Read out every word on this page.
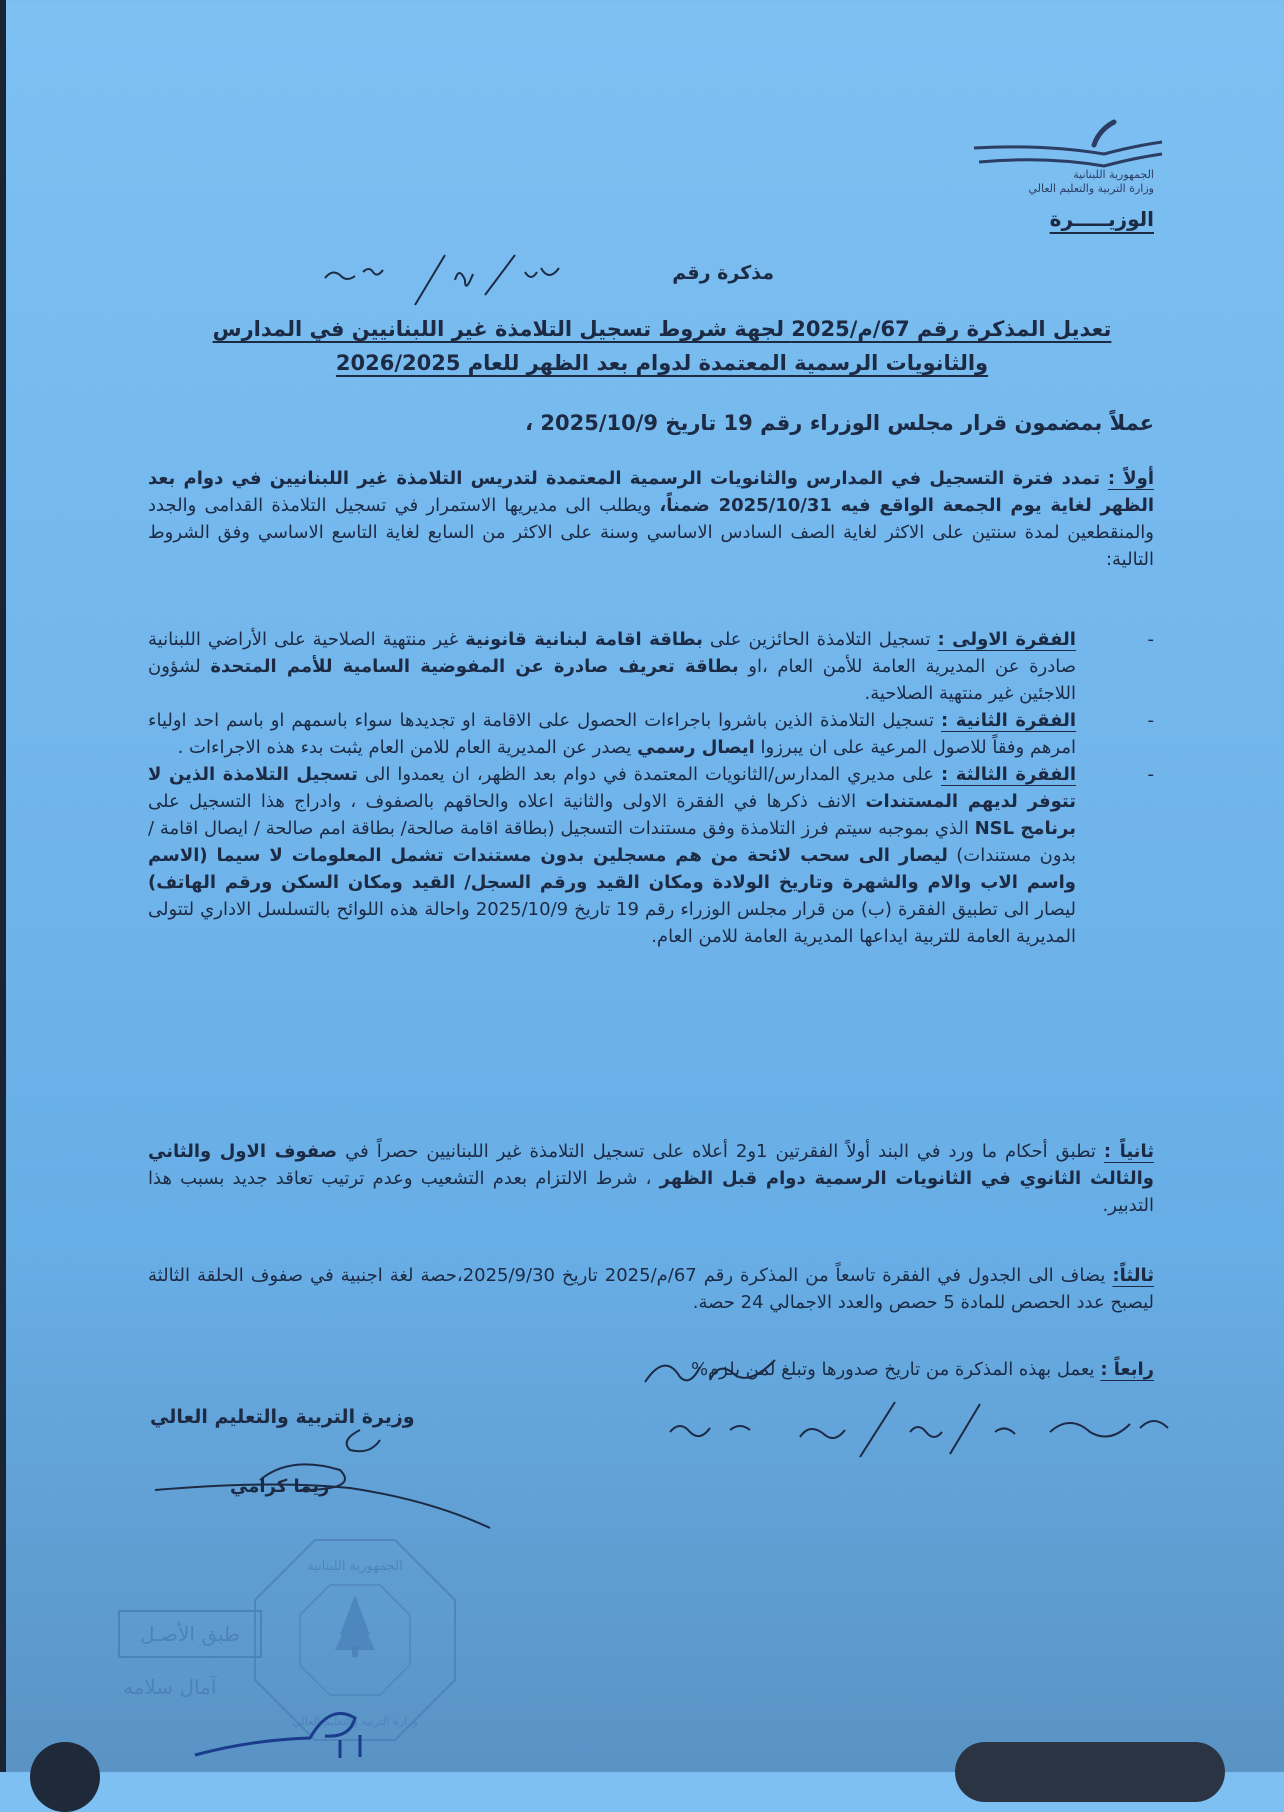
الجمهورية اللبنانية
وزارة التربية والتعليم العالي
الوزيـــــرة
مذكرة رقم
تعديل المذكرة رقم 67/م/2025 لجهة شروط تسجيل التلامذة غير اللبنانيين في المدارس والثانويات الرسمية المعتمدة لدوام بعد الظهر للعام 2026/2025
عملاً بمضمون قرار مجلس الوزراء رقم 19 تاريخ 2025/10/9 ،
أولاً : تمدد فترة التسجيل في المدارس والثانويات الرسمية المعتمدة لتدريس التلامذة غير اللبنانيين في دوام بعد الظهر لغاية يوم الجمعة الواقع فيه 2025/10/31 ضمناً، ويطلب الى مديريها الاستمرار في تسجيل التلامذة القدامى والجدد والمنقطعين لمدة سنتين على الاكثر لغاية الصف السادس الاساسي وسنة على الاكثر من السابع لغاية التاسع الاساسي وفق الشروط التالية:
-
الفقرة الاولى : تسجيل التلامذة الحائزين على بطاقة اقامة لبنانية قانونية غير منتهية الصلاحية على الأراضي اللبنانية صادرة عن المديرية العامة للأمن العام ،او بطاقة تعريف صادرة عن المفوضية السامية للأمم المتحدة لشؤون اللاجئين غير منتهية الصلاحية.
-
الفقرة الثانية : تسجيل التلامذة الذين باشروا باجراءات الحصول على الاقامة او تجديدها سواء باسمهم او باسم احد اولياء امرهم وفقاً للاصول المرعية على ان يبرزوا ايصال رسمي يصدر عن المديرية العام للامن العام يثبت بدء هذه الاجراءات .
-
الفقرة الثالثة : على مديري المدارس/الثانويات المعتمدة في دوام بعد الظهر، ان يعمدوا الى تسجيل التلامذة الذين لا تتوفر لديهم المستندات الانف ذكرها في الفقرة الاولى والثانية اعلاه والحاقهم بالصفوف ، وادراج هذا التسجيل على برنامج NSL الذي بموجبه سيتم فرز التلامذة وفق مستندات التسجيل (بطاقة اقامة صالحة/ بطاقة امم صالحة / ايصال اقامة / بدون مستندات) ليصار الى سحب لائحة من هم مسجلين بدون مستندات تشمل المعلومات لا سيما (الاسم واسم الاب والام والشهرة وتاريخ الولادة ومكان القيد ورقم السجل/ القيد ومكان السكن ورقم الهاتف) ليصار الى تطبيق الفقرة (ب) من قرار مجلس الوزراء رقم 19 تاريخ 2025/10/9 واحالة هذه اللوائح بالتسلسل الاداري لتتولى المديرية العامة للتربية ايداعها المديرية العامة للامن العام.
ثانياً : تطبق أحكام ما ورد في البند أولاً الفقرتين 1و2 أعلاه على تسجيل التلامذة غير اللبنانيين حصراً في صفوف الاول والثاني والثالث الثانوي في الثانويات الرسمية دوام قبل الظهر ، شرط الالتزام بعدم التشعيب وعدم ترتيب تعاقد جديد بسبب هذا التدبير.
ثالثاً: يضاف الى الجدول في الفقرة تاسعاً من المذكرة رقم 67/م/2025 تاريخ 2025/9/30،حصة لغة اجنبية في صفوف الحلقة الثالثة ليصبح عدد الحصص للمادة 5 حصص والعدد الاجمالي 24 حصة.
رابعاً : يعمل بهذه المذكرة من تاريخ صدورها وتبلغ لمن يلزم%
وزيرة التربية والتعليم العالي
ريما كرامي
الجمهورية اللبنانية
وزارة التربية والتعليم العالي
طبق الأصـل
آمال سلامه
